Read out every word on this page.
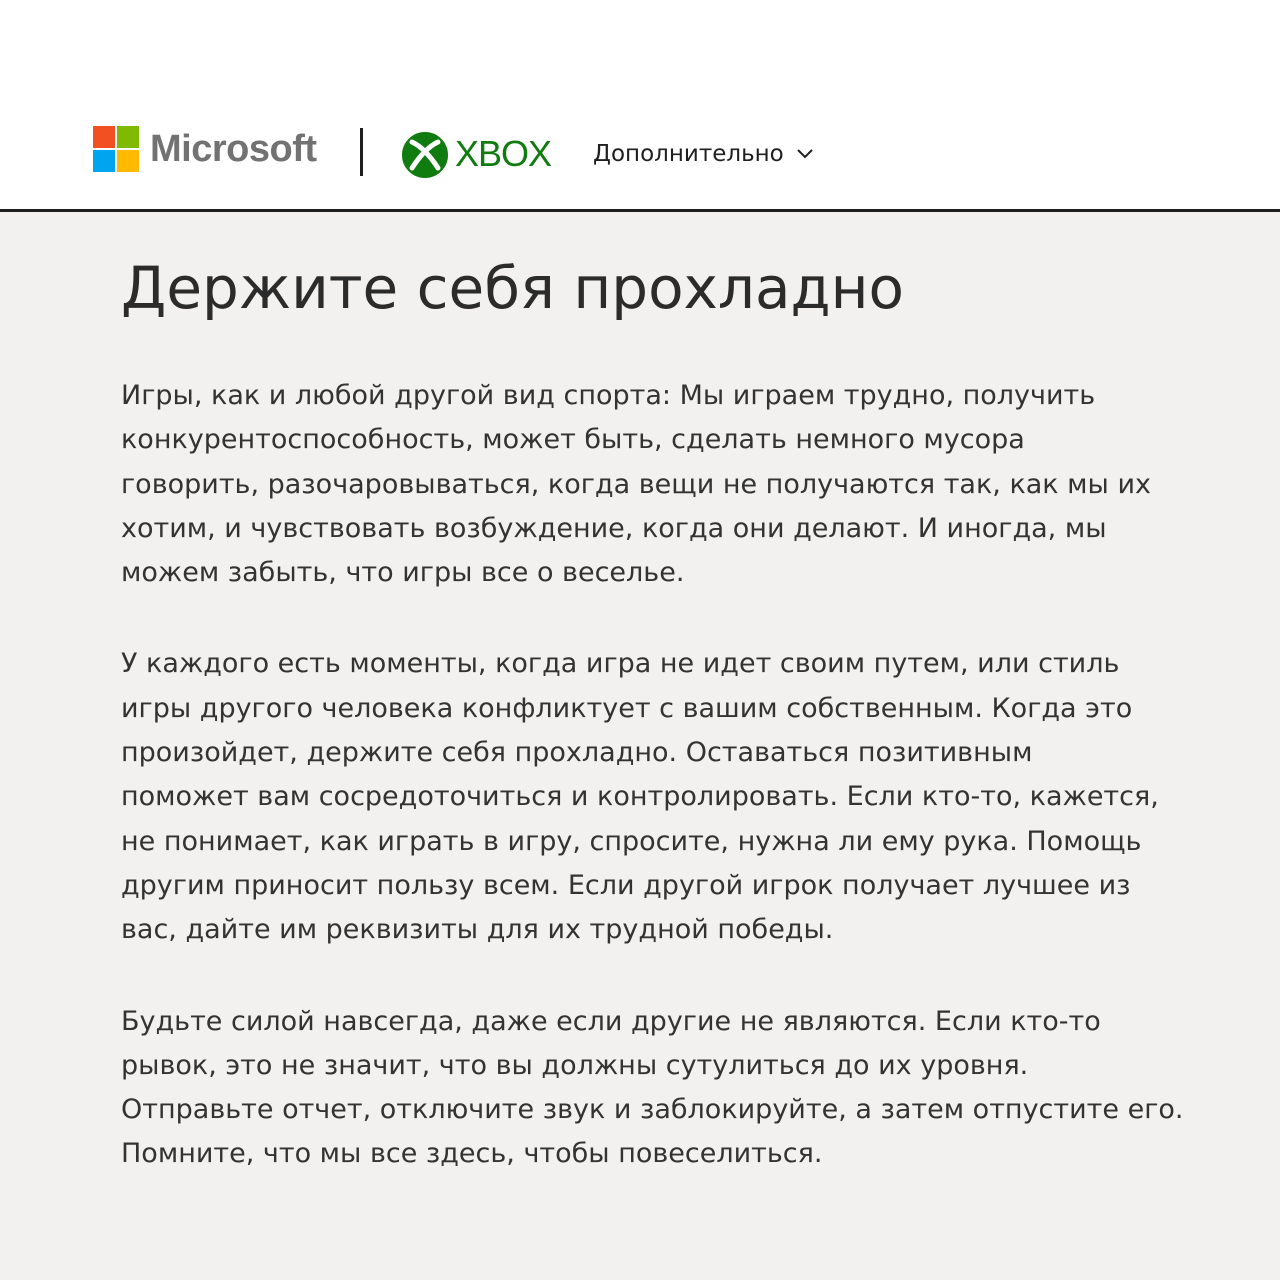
Microsoft	XBOX Дополнительно
Держите себя прохладно

Игры, как и любой другой вид спорта: Мы играем трудно, получить
конкурентоспособность, может быть, сделать немного мусора
говорить, разочаровываться, когда вещи не получаются так, как мы их
хотим, и чувствовать возбуждение, когда они делают. И иногда, мы
можем забыть, что игры все о веселье.

У каждого есть моменты, когда игра не идет своим путем, или стиль
игры другого человека конфликтует с вашим собственным. Когда это
произойдет, держите себя прохладно. Оставаться позитивным
поможет вам сосредоточиться и контролировать. Если кто-то, кажется,
не понимает, как играть в игру, спросите, нужна ли ему рука. Помощь
другим приносит пользу всем. Если другой игрок получает лучшее из
вас, дайте им реквизиты для их трудной победы.

Будьте силой навсегда, даже если другие не являются. Если кто-то
рывок, это не значит, что вы должны сутулиться до их уровня.
Отправьте отчет, отключите звук и заблокируйте, а затем отпустите его.
Помните, что мы все здесь, чтобы повеселиться.
